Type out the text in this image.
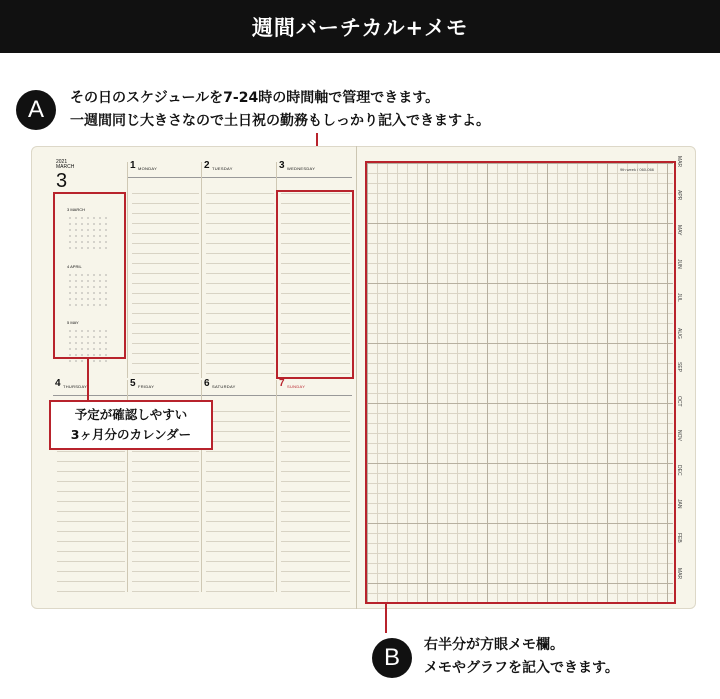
週間バーチカル+メモ
A	その日のスケジュールを7-24時の時間軸で管理できます。
一週間同じ大きさなので土日祝の勤務もしっかり記入できますよ。
2021
MARCH
3
3 MARCH
4 APRIL
5 MAY
1 MONDAY	2 TUESDAY	3 WEDNESDAY
4 THURSDAY	5 FRIDAY	6 SATURDAY	7 SUNDAY
9th week / 060-066
MAR
APR
MAY
JUN
JUL
AUG
SEP
OCT
NOV
DEC
JAN
FEB
MAR
予定が確認しやすい
3ヶ月分のカレンダー
B	右半分が方眼メモ欄。
メモやグラフを記入できます。
